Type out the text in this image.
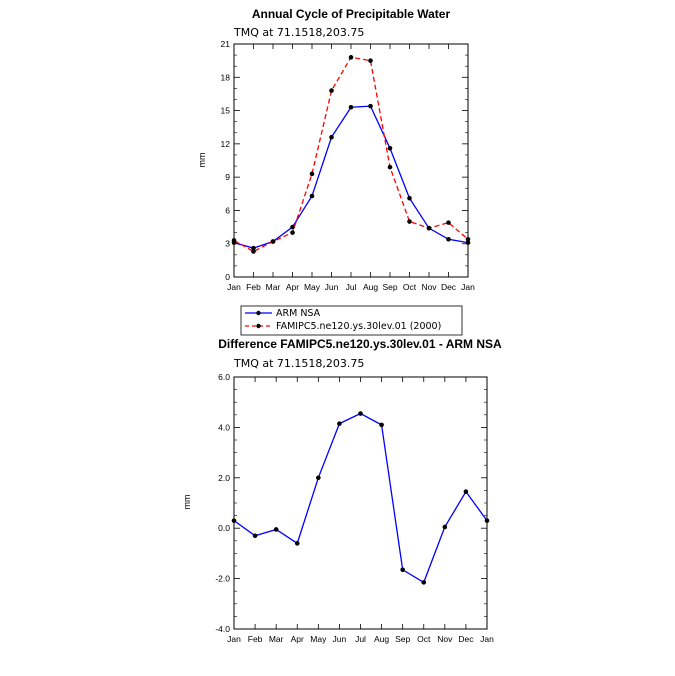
Annual Cycle of Precipitable Water
TMQ at 71.1518,203.75
mm
0
3
6
9
12
15
18
21
Jan Feb Mar Apr May Jun Jul Aug Sep Oct Nov Dec Jan
ARM NSA
FAMIPC5.ne120.ys.30lev.01 (2000)
Difference FAMIPC5.ne120.ys.30lev.01 - ARM NSA
TMQ at 71.1518,203.75
mm
-4.0
-2.0
0.0
2.0
4.0
6.0
Jan Feb Mar Apr May Jun Jul Aug Sep Oct Nov Dec Jan
